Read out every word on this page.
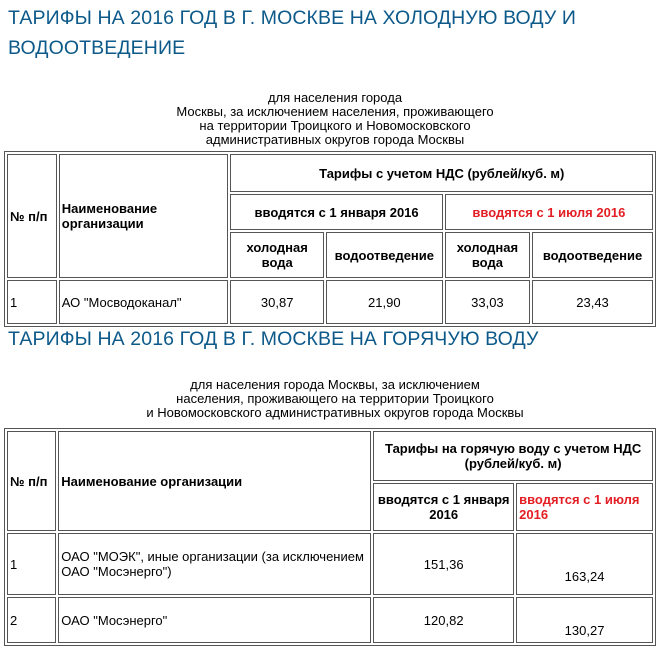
ТАРИФЫ НА 2016 ГОД В Г. МОСКВЕ НА ХОЛОДНУЮ ВОДУ И
ВОДООТВЕДЕНИЕ
для населения города
Москвы, за исключением населения, проживающего
на территории Троицкого и Новомосковского
административных округов города Москвы
№ п/п	Наименование организации	Тарифы с учетом НДС (рублей/куб. м)			
		вводятся с 1 января 2016		вводятся с 1 июля 2016	
		холодная вода	водоотведение	холодная вода	водоотведение
1	АО "Мосводоканал"	30,87	21,90	33,03	23,43
ТАРИФЫ НА 2016 ГОД В Г. МОСКВЕ НА ГОРЯЧУЮ ВОДУ
для населения города Москвы, за исключением
населения, проживающего на территории Троицкого
и Новомосковского административных округов города Москвы
№ п/п	Наименование организации	Тарифы на горячую воду с учетом НДС (рублей/куб. м)	
		вводятся с 1 января 2016	вводятся с 1 июля 2016
1	ОАО "МОЭК", иные организации (за исключением ОАО "Мосэнерго")	151,36	163,24
2	ОАО "Мосэнерго"	120,82	130,27
